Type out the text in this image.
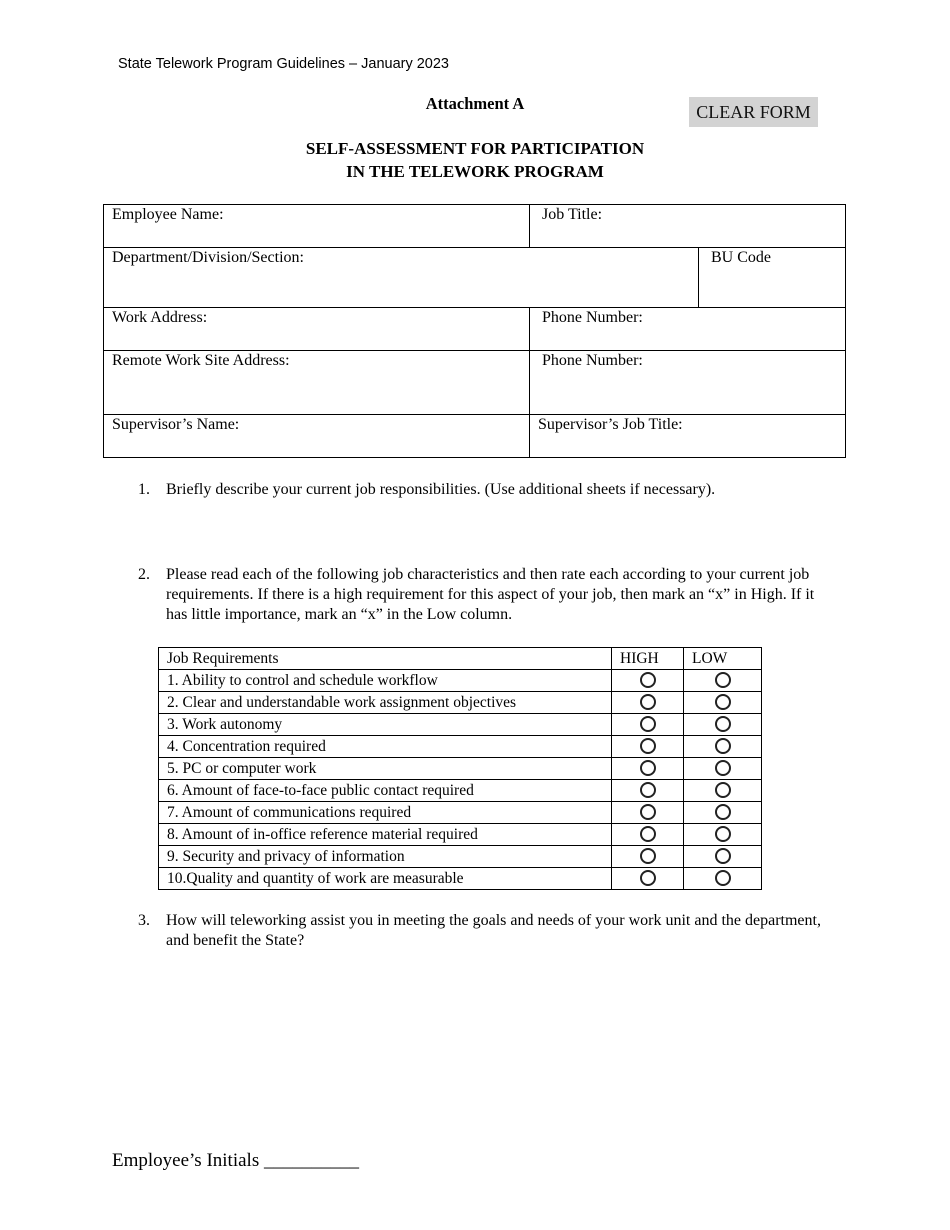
State Telework Program Guidelines – January 2023
Attachment A	CLEAR FORM
SELF-ASSESSMENT FOR PARTICIPATION
IN THE TELEWORK PROGRAM
Employee Name:	Job Title:	

Department/Division/Section:		BU Code

Work Address:	Phone Number:	

Remote Work Site Address:	Phone Number:	

Supervisor’s Name:	Supervisor’s Job Title:	
1. Briefly describe your current job responsibilities. (Use additional sheets if necessary).
2. Please read each of the following job characteristics and then rate each according to your current job requirements. If there is a high requirement for this aspect of your job, then mark an “x” in High. If it has little importance, mark an “x” in the Low column.
Job Requirements	HIGH	LOW
1. Ability to control and schedule workflow		
2. Clear and understandable work assignment objectives		
3. Work autonomy		
4. Concentration required		
5. PC or computer work		
6. Amount of face-to-face public contact required		
7. Amount of communications required		
8. Amount of in-office reference material required		
9. Security and privacy of information		
10.Quality and quantity of work are measurable		
3. How will teleworking assist you in meeting the goals and needs of your work unit and the department, and benefit the State?
Employee’s Initials __________
